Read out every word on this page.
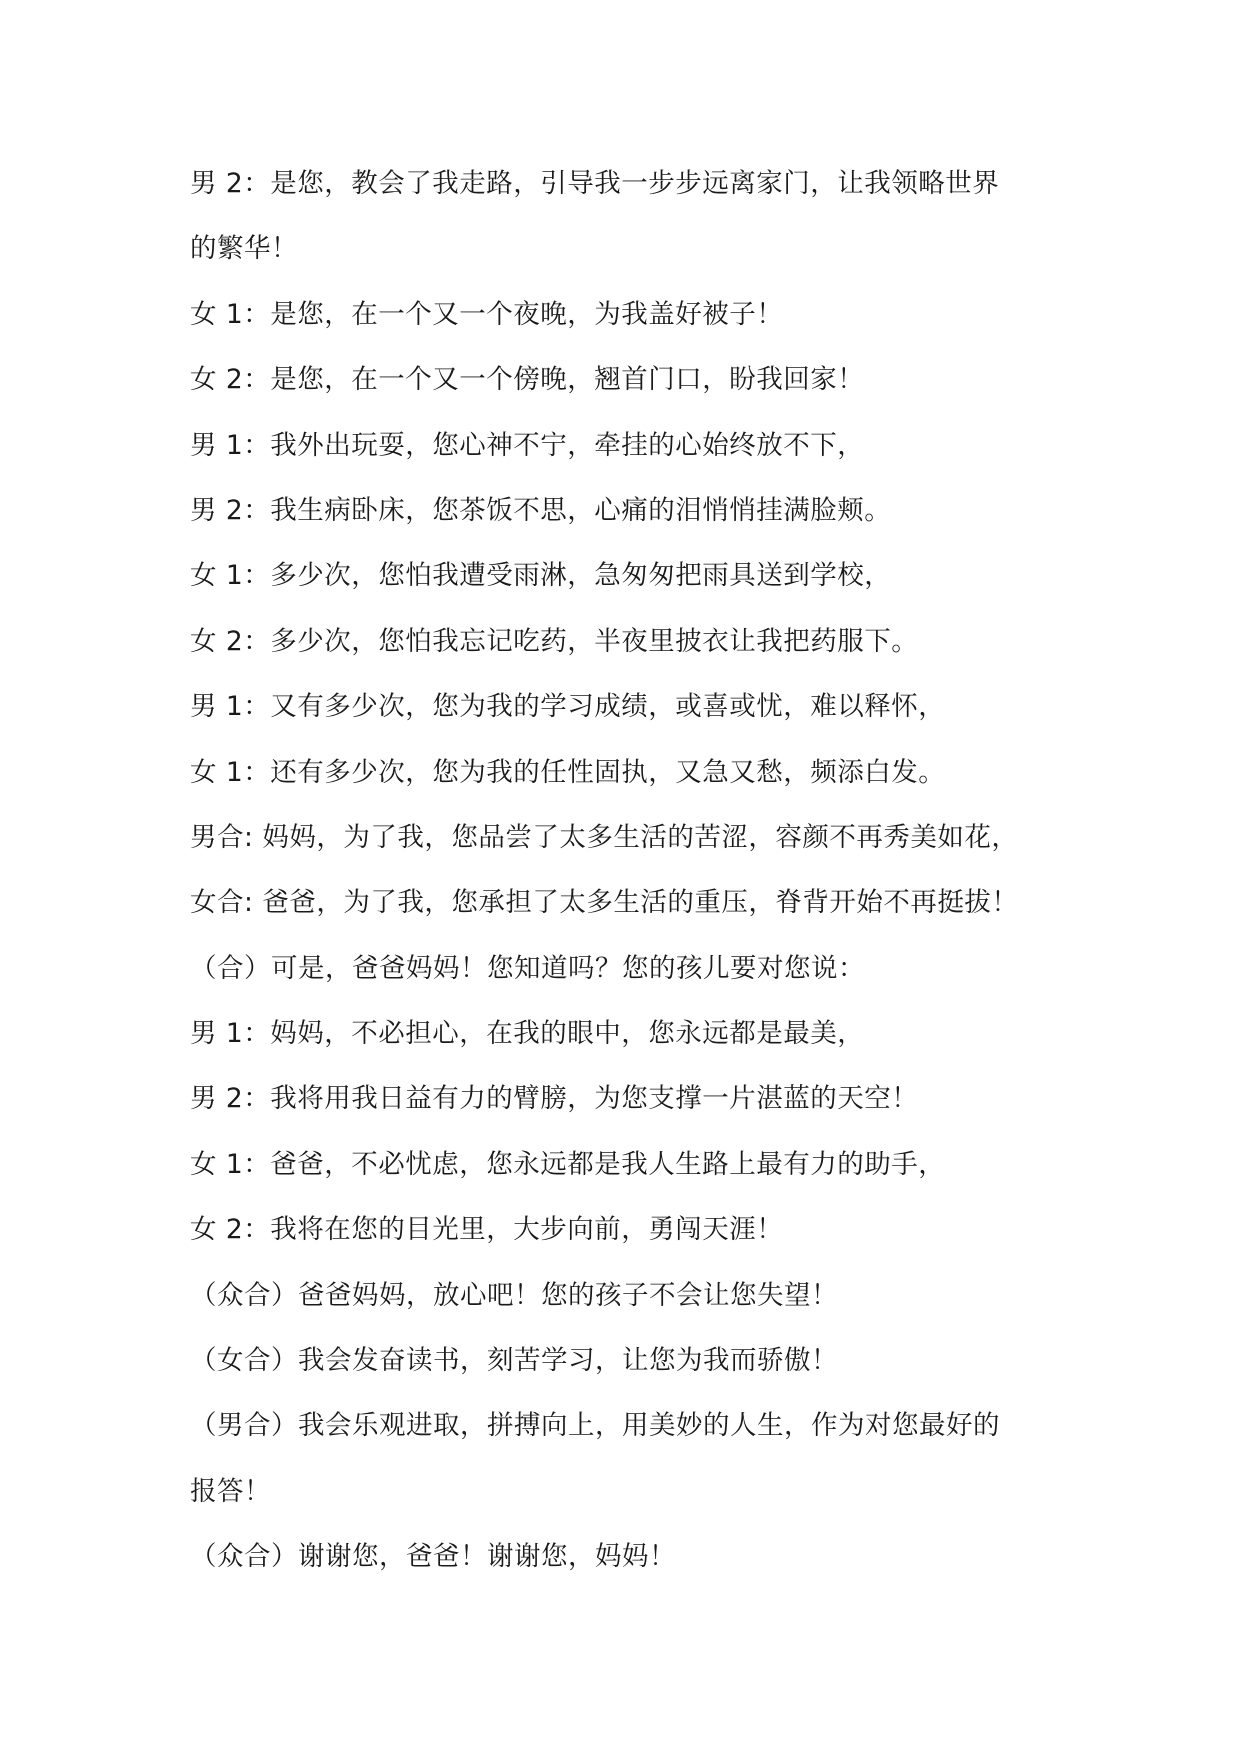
男 2：是您，教会了我走路，引导我一步步远离家门，让我领略世界
的繁华！
女 1：是您，在一个又一个夜晚，为我盖好被子！
女 2：是您，在一个又一个傍晚，翘首门口，盼我回家！
男 1：我外出玩耍，您心神不宁，牵挂的心始终放不下，
男 2：我生病卧床，您茶饭不思，心痛的泪悄悄挂满脸颊。
女 1：多少次，您怕我遭受雨淋，急匆匆把雨具送到学校，
女 2：多少次，您怕我忘记吃药，半夜里披衣让我把药服下。
男 1：又有多少次，您为我的学习成绩，或喜或忧，难以释怀，
女 1：还有多少次，您为我的任性固执，又急又愁，频添白发。
男合: 妈妈，为了我，您品尝了太多生活的苦涩，容颜不再秀美如花，
女合: 爸爸，为了我，您承担了太多生活的重压，脊背开始不再挺拔！
（合）可是，爸爸妈妈！您知道吗？您的孩儿要对您说：
男 1：妈妈，不必担心，在我的眼中，您永远都是最美，
男 2：我将用我日益有力的臂膀，为您支撑一片湛蓝的天空！
女 1：爸爸，不必忧虑，您永远都是我人生路上最有力的助手，
女 2：我将在您的目光里，大步向前，勇闯天涯！
（众合）爸爸妈妈，放心吧！您的孩子不会让您失望！
（女合）我会发奋读书，刻苦学习，让您为我而骄傲！
（男合）我会乐观进取，拼搏向上，用美妙的人生，作为对您最好的
报答！
（众合）谢谢您，爸爸！谢谢您，妈妈！
